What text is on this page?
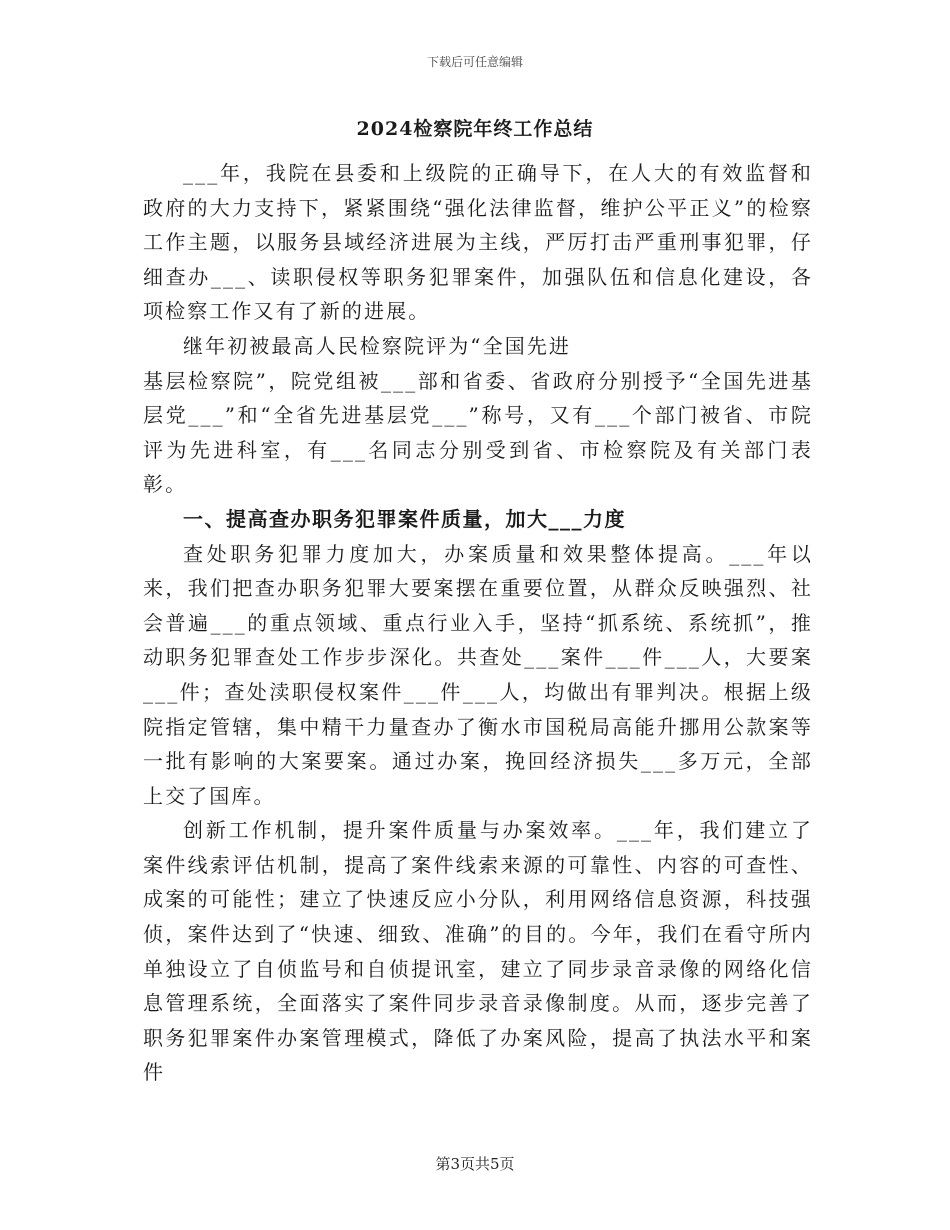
下载后可任意编辑
2024检察院年终工作总结

___年，我院在县委和上级院的正确导下，在人大的有效监督和政府的大力支持下，紧紧围绕“强化法律监督，维护公平正义”的检察工作主题，以服务县域经济进展为主线，严厉打击严重刑事犯罪，仔细查办___、读职侵权等职务犯罪案件，加强队伍和信息化建设，各项检察工作又有了新的进展。

继年初被最高人民检察院评为“全国先进

基层检察院”，院党组被___部和省委、省政府分别授予“全国先进基层党___”和“全省先进基层党___”称号，又有___个部门被省、市院评为先进科室，有___名同志分别受到省、市检察院及有关部门表彰。

一、提高查办职务犯罪案件质量，加大___力度

查处职务犯罪力度加大，办案质量和效果整体提高。___年以来，我们把查办职务犯罪大要案摆在重要位置，从群众反映强烈、社会普遍___的重点领域、重点行业入手，坚持“抓系统、系统抓”，推动职务犯罪查处工作步步深化。共查处___案件___件___人，大要案___件；查处渎职侵权案件___件___人，均做出有罪判决。根据上级院指定管辖，集中精干力量查办了衡水市国税局高能升挪用公款案等一批有影响的大案要案。通过办案，挽回经济损失___多万元，全部上交了国库。

创新工作机制，提升案件质量与办案效率。___年，我们建立了案件线索评估机制，提高了案件线索来源的可靠性、内容的可查性、成案的可能性；建立了快速反应小分队，利用网络信息资源，科技强侦，案件达到了“快速、细致、准确”的目的。今年，我们在看守所内单独设立了自侦监号和自侦提讯室，建立了同步录音录像的网络化信息管理系统，全面落实了案件同步录音录像制度。从而，逐步完善了职务犯罪案件办案管理模式，降低了办案风险，提高了执法水平和案件

第3页共5页
